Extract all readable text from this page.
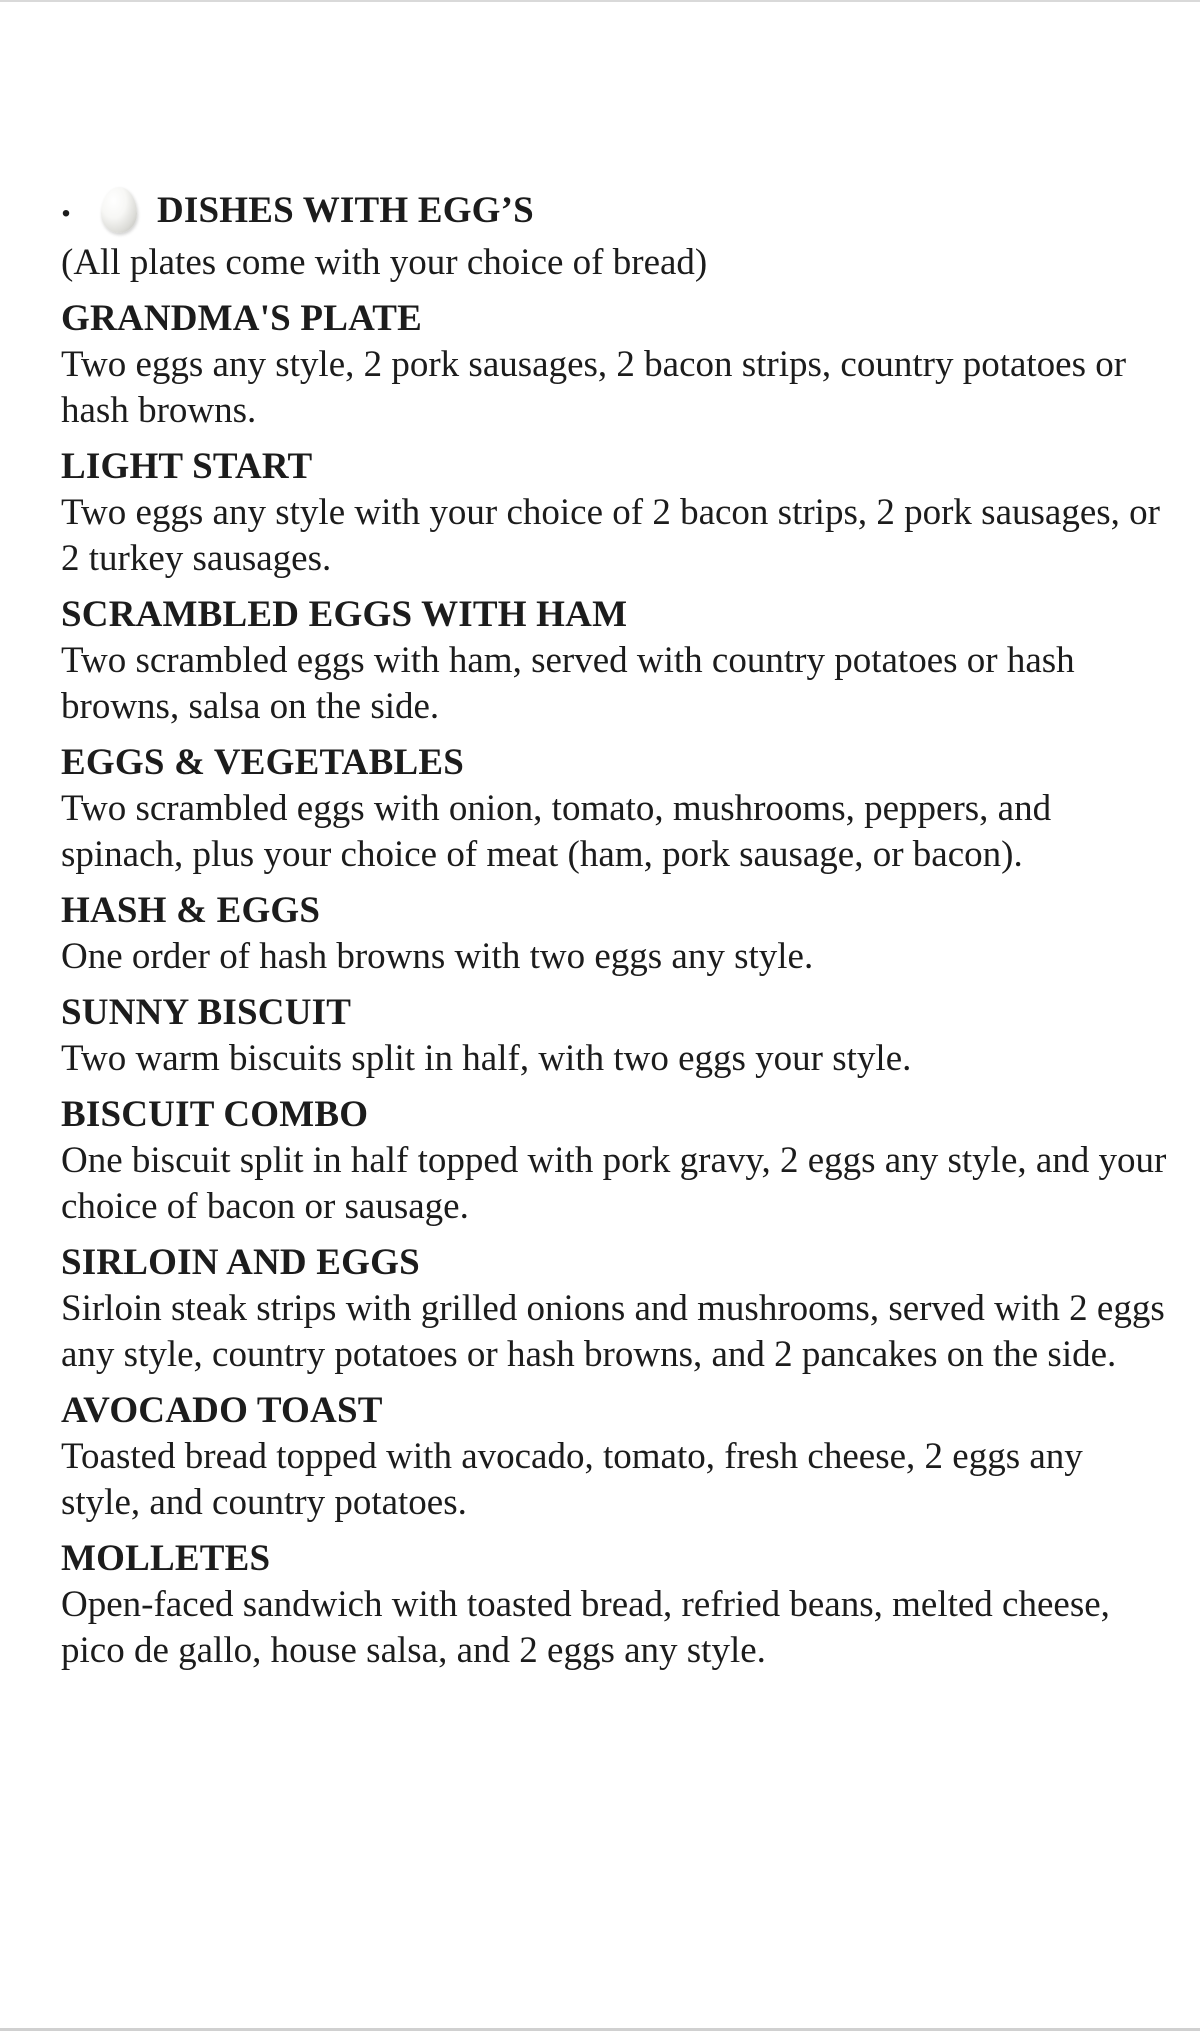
.	DISHES WITH EGG’S
(All plates come with your choice of bread)
GRANDMA'S PLATE
Two eggs any style, 2 pork sausages, 2 bacon strips, country potatoes or hash browns.
LIGHT START
Two eggs any style with your choice of 2 bacon strips, 2 pork sausages, or 2 turkey sausages.
SCRAMBLED EGGS WITH HAM
Two scrambled eggs with ham, served with country potatoes or hash browns, salsa on the side.
EGGS & VEGETABLES
Two scrambled eggs with onion, tomato, mushrooms, peppers, and spinach, plus your choice of meat (ham, pork sausage, or bacon).
HASH & EGGS
One order of hash browns with two eggs any style.
SUNNY BISCUIT
Two warm biscuits split in half, with two eggs your style.
BISCUIT COMBO
One biscuit split in half topped with pork gravy, 2 eggs any style, and your choice of bacon or sausage.
SIRLOIN AND EGGS
Sirloin steak strips with grilled onions and mushrooms, served with 2 eggs any style, country potatoes or hash browns, and 2 pancakes on the side.
AVOCADO TOAST
Toasted bread topped with avocado, tomato, fresh cheese, 2 eggs any style, and country potatoes.
MOLLETES
Open-faced sandwich with toasted bread, refried beans, melted cheese, pico de gallo, house salsa, and 2 eggs any style.
